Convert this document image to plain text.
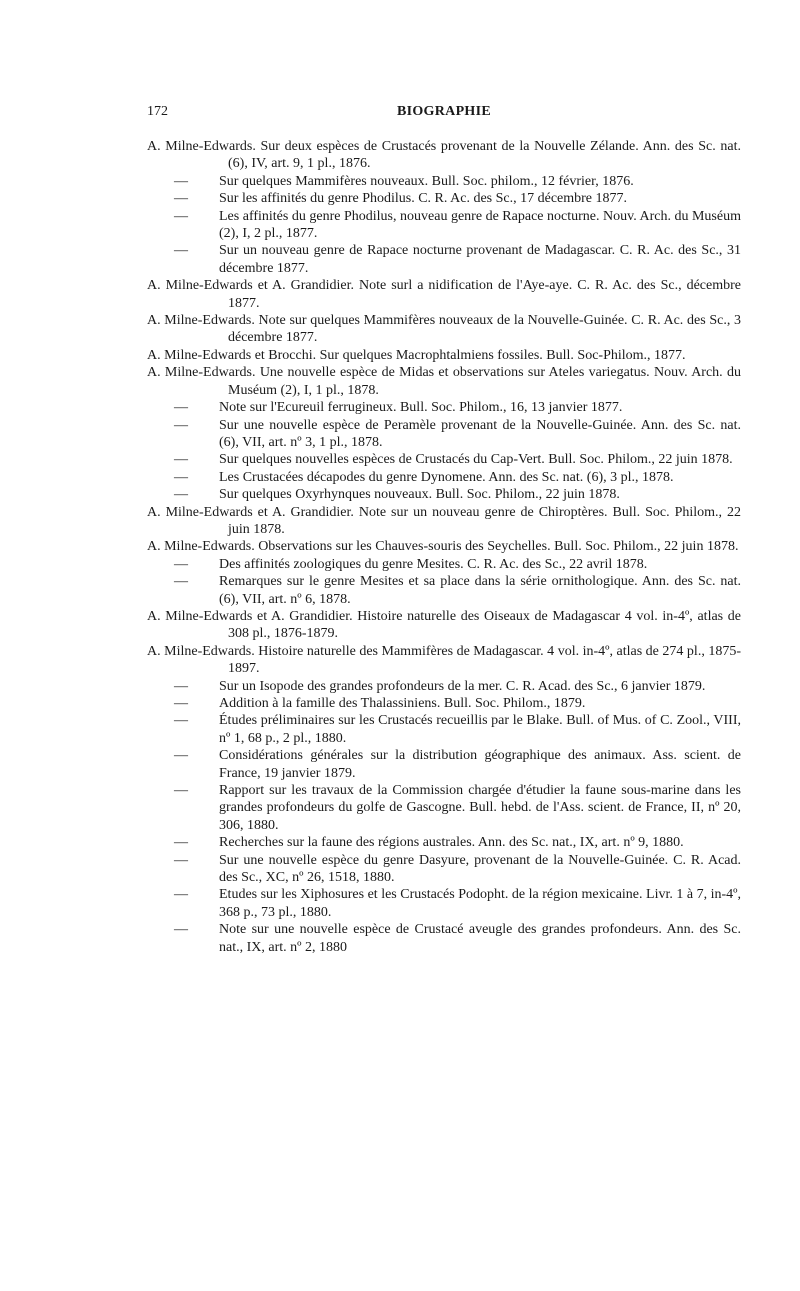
172	BIOGRAPHIE
A. Milne-Edwards. Sur deux espèces de Crustacés provenant de la Nouvelle Zélande. Ann. des Sc. nat. (6), IV, art. 9, 1 pl., 1876.
— Sur quelques Mammifères nouveaux. Bull. Soc. philom., 12 février, 1876.
— Sur les affinités du genre Phodilus. C. R. Ac. des Sc., 17 décembre 1877.
— Les affinités du genre Phodilus, nouveau genre de Rapace nocturne. Nouv. Arch. du Muséum (2), I, 2 pl., 1877.
— Sur un nouveau genre de Rapace nocturne provenant de Madagascar. C. R. Ac. des Sc., 31 décembre 1877.
A. Milne-Edwards et A. Grandidier. Note surl a nidification de l'Aye-aye. C. R. Ac. des Sc., décembre 1877.
A. Milne-Edwards. Note sur quelques Mammifères nouveaux de la Nouvelle-Guinée. C. R. Ac. des Sc., 3 décembre 1877.
A. Milne-Edwards et Brocchi. Sur quelques Macrophtalmiens fossiles. Bull. Soc-Philom., 1877.
A. Milne-Edwards. Une nouvelle espèce de Midas et observations sur Ateles variegatus. Nouv. Arch. du Muséum (2), I, 1 pl., 1878.
— Note sur l'Ecureuil ferrugineux. Bull. Soc. Philom., 16, 13 janvier 1877.
— Sur une nouvelle espèce de Peramèle provenant de la Nouvelle-Guinée. Ann. des Sc. nat. (6), VII, art. nº 3, 1 pl., 1878.
— Sur quelques nouvelles espèces de Crustacés du Cap-Vert. Bull. Soc. Philom., 22 juin 1878.
— Les Crustacées décapodes du genre Dynomene. Ann. des Sc. nat. (6), 3 pl., 1878.
— Sur quelques Oxyrhynques nouveaux. Bull. Soc. Philom., 22 juin 1878.
A. Milne-Edwards et A. Grandidier. Note sur un nouveau genre de Chiroptères. Bull. Soc. Philom., 22 juin 1878.
A. Milne-Edwards. Observations sur les Chauves-souris des Seychelles. Bull. Soc. Philom., 22 juin 1878.
— Des affinités zoologiques du genre Mesites. C. R. Ac. des Sc., 22 avril 1878.
— Remarques sur le genre Mesites et sa place dans la série ornithologique. Ann. des Sc. nat. (6), VII, art. nº 6, 1878.
A. Milne-Edwards et A. Grandidier. Histoire naturelle des Oiseaux de Madagascar 4 vol. in-4º, atlas de 308 pl., 1876-1879.
A. Milne-Edwards. Histoire naturelle des Mammifères de Madagascar. 4 vol. in-4º, atlas de 274 pl., 1875-1897.
— Sur un Isopode des grandes profondeurs de la mer. C. R. Acad. des Sc., 6 janvier 1879.
— Addition à la famille des Thalassiniens. Bull. Soc. Philom., 1879.
— Études préliminaires sur les Crustacés recueillis par le Blake. Bull. of Mus. of C. Zool., VIII, nº 1, 68 p., 2 pl., 1880.
— Considérations générales sur la distribution géographique des animaux. Ass. scient. de France, 19 janvier 1879.
— Rapport sur les travaux de la Commission chargée d'étudier la faune sous-marine dans les grandes profondeurs du golfe de Gascogne. Bull. hebd. de l'Ass. scient. de France, II, nº 20, 306, 1880.
— Recherches sur la faune des régions australes. Ann. des Sc. nat., IX, art. nº 9, 1880.
— Sur une nouvelle espèce du genre Dasyure, provenant de la Nouvelle-Guinée. C. R. Acad. des Sc., XC, nº 26, 1518, 1880.
— Etudes sur les Xiphosures et les Crustacés Podopht. de la région mexicaine. Livr. 1 à 7, in-4º, 368 p., 73 pl., 1880.
— Note sur une nouvelle espèce de Crustacé aveugle des grandes profondeurs. Ann. des Sc. nat., IX, art. nº 2, 1880
